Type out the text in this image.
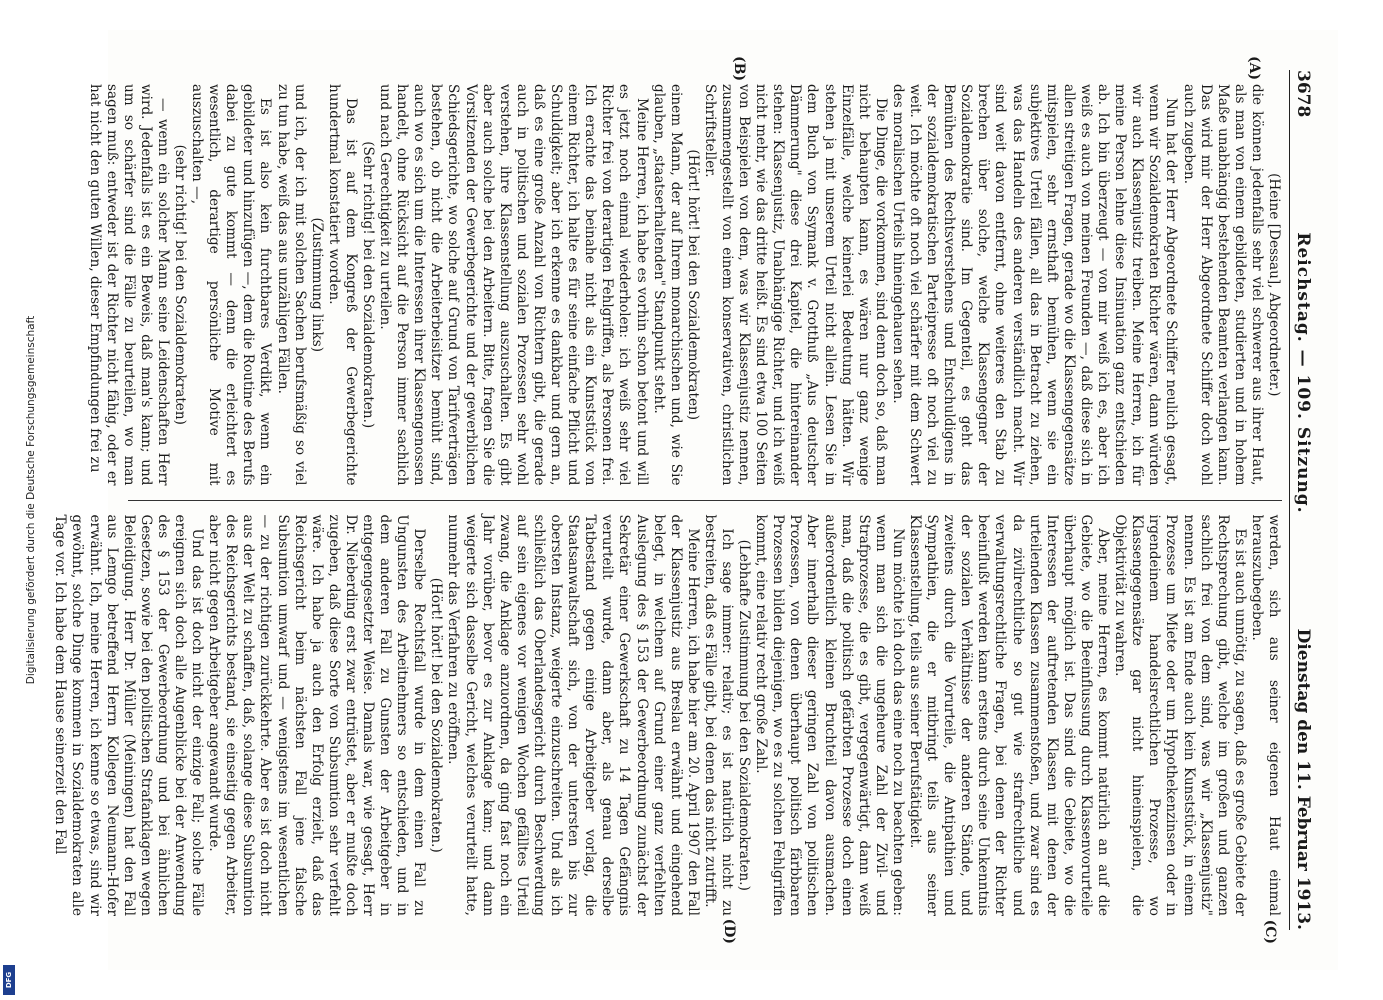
Digitalisierung gefördert durch die Deutsche Forschungsgemeinschaft
DFG
3678
Reichstag. — 109. Sitzung.
Dienstag den 11. Februar 1913.
(A)
(B)

(Heine [Dessau], Abgeordneter.)

die können jedenfalls sehr viel schwerer aus ihrer Haut, als man von einem gebildeten, studierten und in hohem Maße unabhängig bestehenden Beamten verlangen kann. Das wird mir der Herr Abgeordnete Schiffer doch wohl auch zugeben.

Nun hat der Herr Abgeordnete Schiffer neulich gesagt, wenn wir Sozialdemokraten Richter wären, dann würden wir auch Klassenjustiz treiben. Meine Herren, ich für meine Person lehne diese Insinuation ganz entschieden ab. Ich bin überzeugt — von mir weiß ich es, aber ich weiß es auch von meinen Freunden —, daß diese sich in allen streitigen Fragen, gerade wo die Klassengegensätze mitspielen, sehr ernsthaft bemühen, wenn sie ein subjektives Urteil fällen, all das in Betracht zu ziehen, was das Handeln des anderen verständlich macht. Wir sind weit davon entfernt, ohne weiteres den Stab zu brechen über solche, welche Klassengegner der Sozialdemokratie sind. Im Gegenteil, es geht das Bemühen des Rechtsverstehens und Entschuldigens in der sozialdemokratischen Parteipresse oft noch viel zu weit. Ich möchte oft noch viel schärfer mit dem Schwert des moralischen Urteils hineingehauen sehen.

Die Dinge, die vorkommen, sind denn doch so, daß man nicht behaupten kann, es wären nur ganz wenige Einzelfälle, welche keinerlei Bedeutung hätten. Wir stehen ja mit unserem Urteil nicht allein. Lesen Sie in dem Buch von Ssymank v. Grotthuß „Aus deutscher Dämmerung" diese drei Kapitel, die hintereinander stehen: Klassenjustiz, Unabhängige Richter, und ich weiß nicht mehr, wie das dritte heißt. Es sind etwa 100 Seiten von Beispielen von dem, was wir Klassenjustiz nennen, zusammengestellt von einem konservativen, christlichen Schriftsteller.

(Hört! hört! bei den Sozialdemokraten)

einem Mann, der auf Ihrem monarchischen und, wie Sie glauben, „staatserhaltenden" Standpunkt steht.

Meine Herren, ich habe es vorhin schon betont und will es jetzt noch einmal wiederholen: ich weiß sehr viel Richter frei von derartigen Fehlgriffen, als Personen frei. Ich erachte das beinahe nicht als ein Kunststück von einem Richter, ich halte es für seine einfache Pflicht und Schuldigkeit; aber ich erkenne es dankbar und gern an, daß es eine große Anzahl von Richtern gibt, die gerade auch in politischen und sozialen Prozessen sehr wohl verstehen, ihre Klassenstellung auszuschalten. Es gibt aber auch solche bei den Arbeitern. Bitte, fragen Sie die Vorsitzenden der Gewerbegerichte und der gewerblichen Schiedsgerichte, wo solche auf Grund von Tarifverträgen bestehen, ob nicht die Arbeiterbeisitzer bemüht sind, auch wo es sich um die Interessen ihrer Klassengenossen handelt, ohne Rücksicht auf die Person immer sachlich und nach Gerechtigkeit zu urteilen.

(Sehr richtig! bei den Sozialdemokraten.)

Das ist auf dem Kongreß der Gewerbegerichte hundertmal konstatiert worden.

(Zustimmung links)

und ich, der ich mit solchen Sachen berufsmäßig so viel zu tun habe, weiß das aus unzähligen Fällen.

Es ist also kein furchtbares Verdikt, wenn ein gebildeter und hinzufügen —, dem die Routine des Berufs dabei zu gute kommt — denn die erleichtert es wesentlich, derartige persönliche Motive mit auszuschalten —,

(sehr richtig! bei den Sozialdemokraten)

— wenn ein solcher Mann seine Leidenschaften Herr wird. Jedenfalls ist es ein Beweis, daß man's kann; und um so schärfer sind die Fälle zu beurteilen, wo man sagen muß: entweder ist der Richter nicht fähig, oder er hat nicht den guten Willen, dieser Empfindungen frei zu

(C)
(D)

werden, sich aus seiner eigenen Haut einmal herauszubegeben.

Es ist auch unnötig, zu sagen, daß es große Gebiete der Rechtsprechung gibt, welche im großen und ganzen sachlich frei von dem sind, was wir „Klassenjustiz" nennen. Es ist am Ende auch kein Kunststück, in einem Prozesse um Miete oder um Hypothekenzinsen oder in irgendeinem handelsrechtlichen Prozesse, wo Klassengegensätze gar nicht hineinspielen, die Objektivität zu wahren.

Aber, meine Herren, es kommt natürlich an auf die Gebiete, wo die Beeinflussung durch Klassenvorurteile überhaupt möglich ist. Das sind die Gebiete, wo die Interessen der auftretenden Klassen mit denen der urteilenden Klassen zusammenstoßen, und zwar sind es da zivilrechtliche so gut wie strafrechtliche und verwaltungsrechtliche Fragen, bei denen der Richter beeinflußt werden kann erstens durch seine Unkenntnis der sozialen Verhältnisse der anderen Stände, und zweitens durch die Vorurteile, die Antipathien und Sympathien, die er mitbringt teils aus seiner Klassenstellung, teils aus seiner Berufstätigkeit.

Nun möchte ich doch das eine noch zu beachten geben: wenn man sich die ungeheure Zahl der Zivil- und Strafprozesse, die es gibt, vergegenwärtigt, dann weiß man, daß die politisch gefärbten Prozesse doch einen außerordentlich kleinen Bruchteil davon ausmachen. Aber innerhalb dieser geringen Zahl von politischen Prozessen, von denen überhaupt politisch färbbaren Prozessen bilden diejenigen, wo es zu solchen Fehlgriffen kommt, eine relativ recht große Zahl.

(Lebhafte Zustimmung bei den Sozialdemokraten.)

Ich sage immer: relativ; es ist natürlich nicht zu bestreiten, daß es Fälle gibt, bei denen das nicht zutrifft.

Meine Herren, ich habe hier am 20. April 1907 den Fall der Klassenjustiz aus Breslau erwähnt und eingehend belegt, in welchem auf Grund einer ganz verfehlten Auslegung des § 153 der Gewerbeordnung zunächst der Sekretär einer Gewerkschaft zu 14 Tagen Gefängnis verurteilt wurde, dann aber, als genau derselbe Tatbestand gegen einige Arbeitgeber vorlag, die Staatsanwaltschaft sich, von der untersten bis zur obersten Instanz, weigerte einzuschreiten. Und als ich schließlich das Oberlandesgericht durch Beschwerdung auf sein eigenes vor wenigen Wochen gefälltes Urteil zwang, die Anklage anzuordnen, da ging fast noch ein Jahr vorüber, bevor es zur Anklage kam; und dann weigerte sich dasselbe Gericht, welches verurteilt hatte, nunmehr das Verfahren zu eröffnen.

(Hört! hört! bei den Sozialdemokraten.)

Derselbe Rechtsfall wurde in dem einen Fall zu Ungunsten des Arbeitnehmers so entschieden, und in dem anderen Fall zu Gunsten der Arbeitgeber in entgegengesetzter Weise. Damals war, wie gesagt, Herr Dr. Nieberding erst zwar entrüstet, aber er mußte doch zugeben, daß diese Sorte von Subsumtion sehr verfehlt wäre. Ich habe ja auch den Erfolg erzielt, daß das Reichsgericht beim nächsten Fall jene falsche Subsumtion umwarf und — wenigstens im wesentlichen — zu der richtigen zurückkehrte. Aber es ist doch nicht aus der Welt zu schaffen, daß, solange diese Subsumtion des Reichsgerichts bestand, sie einseitig gegen Arbeiter, aber nicht gegen Arbeitgeber angewandt wurde.

Und das ist doch nicht der einzige Fall; solche Fälle ereignen sich doch alle Augenblicke bei der Anwendung des § 153 der Gewerbeordnung und bei ähnlichen Gesetzen, sowie bei den politischen Strafanklagen wegen Beleidigung. Herr Dr. Müller (Meiningen) hat den Fall aus Lemgo betreffend Herrn Kollegen Neumann-Hofer erwähnt. Ich, meine Herren, ich kenne so etwas, sind wir gewöhnt, solche Dinge kommen in Sozialdemokraten alle Tage vor. Ich habe dem Hause seinerzeit den Fall
